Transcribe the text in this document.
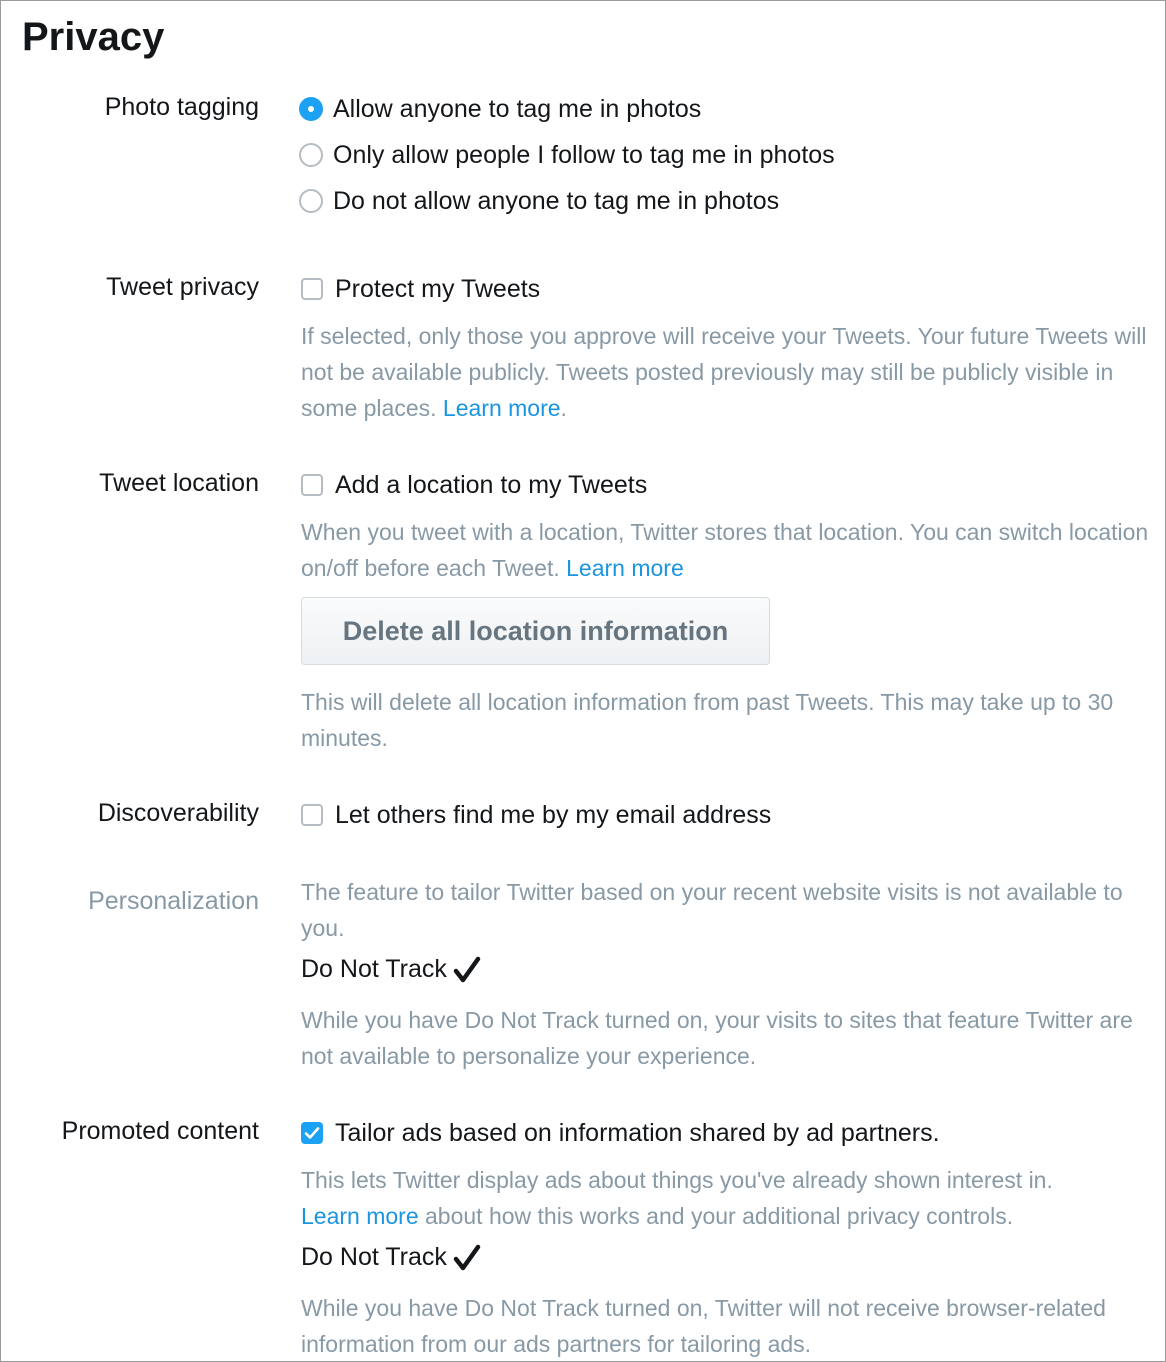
Privacy
Photo tagging	Allow anyone to tag me in photos
Only allow people I follow to tag me in photos
Do not allow anyone to tag me in photos
Tweet privacy	Protect my Tweets

If selected, only those you approve will receive your Tweets. Your future Tweets will not be available publicly. Tweets posted previously may still be publicly visible in some places. Learn more.

Tweet location	Add a location to my Tweets

When you tweet with a location, Twitter stores that location. You can switch location on/off before each Tweet. Learn more

Delete all location information

This will delete all location information from past Tweets. This may take up to 30 minutes.

Discoverability	Let others find me by my email address
Personalization The feature to tailor Twitter based on your recent website visits is not available to you.

Do Not Track

While you have Do Not Track turned on, your visits to sites that feature Twitter are not available to personalize your experience.

Promoted content	Tailor ads based on information shared by ad partners.

This lets Twitter display ads about things you've already shown interest in.
Learn more about how this works and your additional privacy controls.

Do Not Track

While you have Do Not Track turned on, Twitter will not receive browser-related information from our ads partners for tailoring ads.
